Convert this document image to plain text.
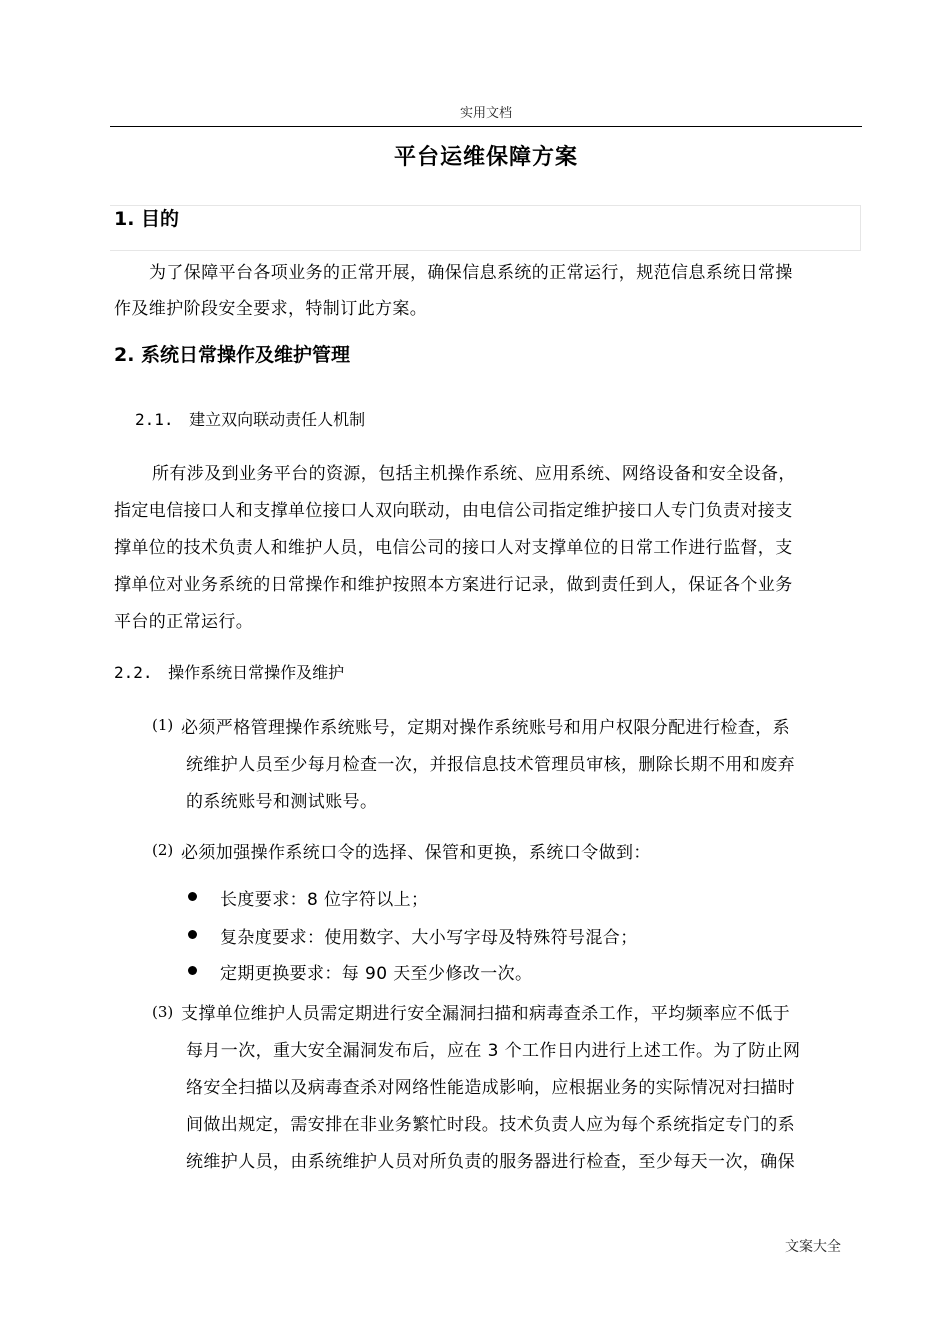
实用文档
平台运维保障方案
1. 目的
为了保障平台各项业务的正常开展，确保信息系统的正常运行，规范信息系统日常操
作及维护阶段安全要求，特制订此方案。
2. 系统日常操作及维护管理
2.1. 建立双向联动责任人机制
所有涉及到业务平台的资源，包括主机操作系统、应用系统、网络设备和安全设备，
指定电信接口人和支撑单位接口人双向联动，由电信公司指定维护接口人专门负责对接支
撑单位的技术负责人和维护人员，电信公司的接口人对支撑单位的日常工作进行监督，支
撑单位对业务系统的日常操作和维护按照本方案进行记录，做到责任到人，保证各个业务
平台的正常运行。
2.2. 操作系统日常操作及维护
(1) 必须严格管理操作系统账号，定期对操作系统账号和用户权限分配进行检查，系
统维护人员至少每月检查一次，并报信息技术管理员审核，删除长期不用和废弃
的系统账号和测试账号。
(2) 必须加强操作系统口令的选择、保管和更换，系统口令做到：
长度要求：8 位字符以上；
复杂度要求：使用数字、大小写字母及特殊符号混合；
定期更换要求：每 90 天至少修改一次。
(3) 支撑单位维护人员需定期进行安全漏洞扫描和病毒查杀工作，平均频率应不低于
每月一次，重大安全漏洞发布后，应在 3 个工作日内进行上述工作。为了防止网
络安全扫描以及病毒查杀对网络性能造成影响，应根据业务的实际情况对扫描时
间做出规定，需安排在非业务繁忙时段。技术负责人应为每个系统指定专门的系
统维护人员，由系统维护人员对所负责的服务器进行检查，至少每天一次，确保
文案大全
